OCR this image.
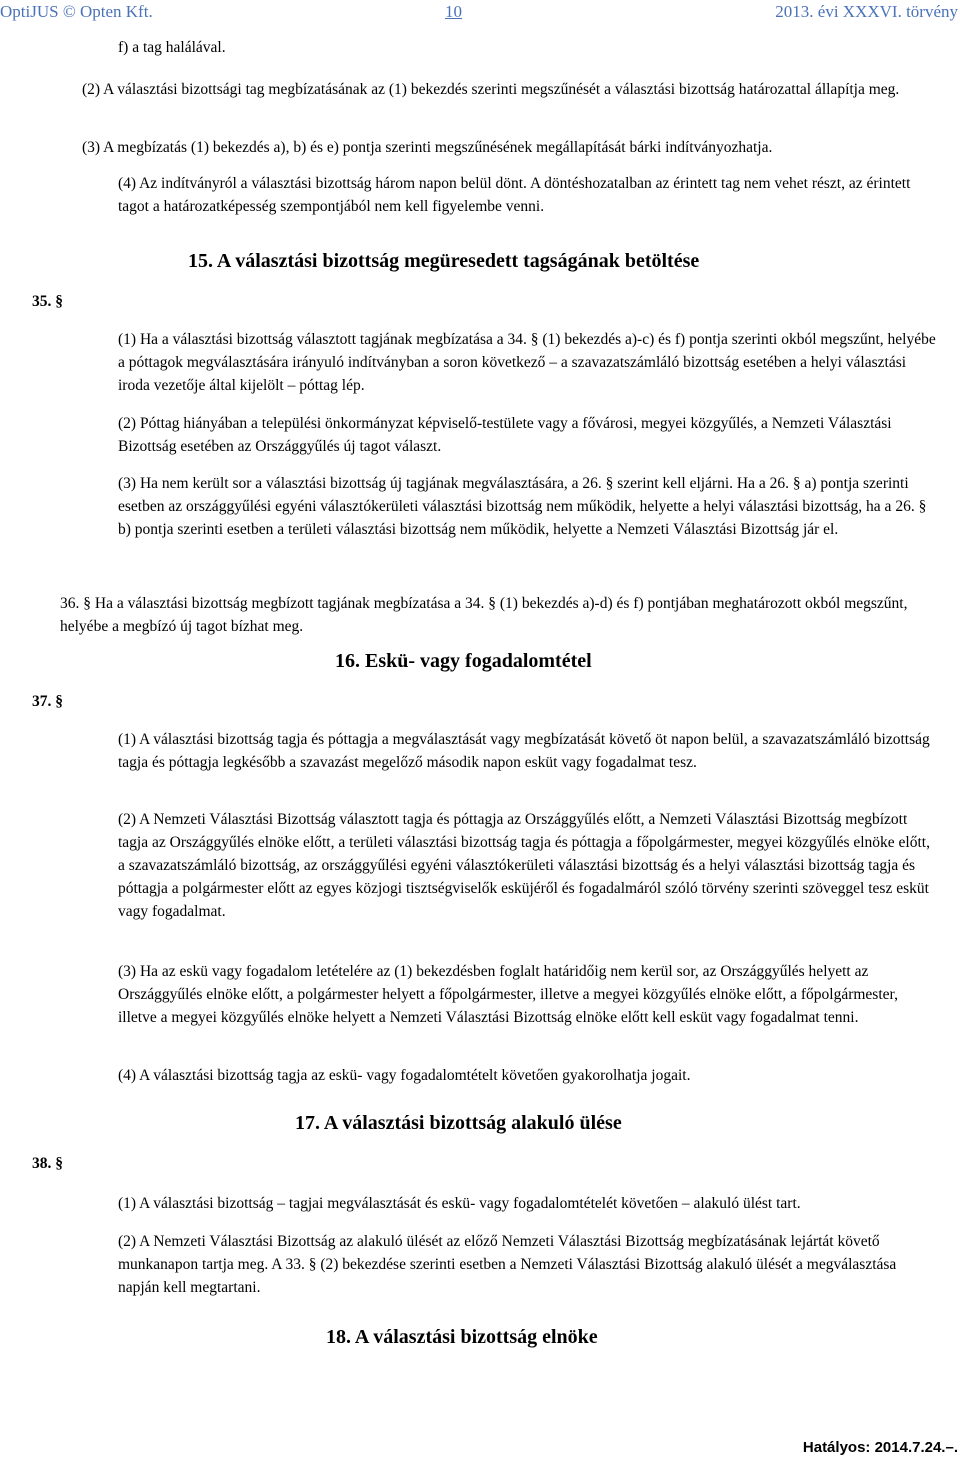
OptiJUS © Opten Kft.	10	2013. évi XXXVI. törvény

f) a tag halálával.

(2) A választási bizottsági tag megbízatásának az (1) bekezdés szerinti megszűnését a választási bizottság határozattal állapítja meg.

(3) A megbízatás (1) bekezdés a), b) és e) pontja szerinti megszűnésének megállapítását bárki indítványozhatja.

(4) Az indítványról a választási bizottság három napon belül dönt. A döntéshozatalban az érintett tag nem vehet részt, az érintett tagot a határozatképesség szempontjából nem kell figyelembe venni.

15. A választási bizottság megüresedett tagságának betöltése
35. §

(1) Ha a választási bizottság választott tagjának megbízatása a 34. § (1) bekezdés a)-c) és f) pontja szerinti okból megszűnt, helyébe a póttagok megválasztására irányuló indítványban a soron következő – a szavazatszámláló bizottság esetében a helyi választási iroda vezetője által kijelölt – póttag lép.

(2) Póttag hiányában a települési önkormányzat képviselő-testülete vagy a fővárosi, megyei közgyűlés, a Nemzeti Választási Bizottság esetében az Országgyűlés új tagot választ.

(3) Ha nem került sor a választási bizottság új tagjának megválasztására, a 26. § szerint kell eljárni. Ha a 26. § a) pontja szerinti esetben az országgyűlési egyéni választókerületi választási bizottság nem működik, helyette a helyi választási bizottság, ha a 26. § b) pontja szerinti esetben a területi választási bizottság nem működik, helyette a Nemzeti Választási Bizottság jár el.

36. § Ha a választási bizottság megbízott tagjának megbízatása a 34. § (1) bekezdés a)-d) és f) pontjában meghatározott okból megszűnt, helyébe a megbízó új tagot bízhat meg.

16. Eskü- vagy fogadalomtétel
37. §

(1) A választási bizottság tagja és póttagja a megválasztását vagy megbízatását követő öt napon belül, a szavazatszámláló bizottság tagja és póttagja legkésőbb a szavazást megelőző második napon esküt vagy fogadalmat tesz.

(2) A Nemzeti Választási Bizottság választott tagja és póttagja az Országgyűlés előtt, a Nemzeti Választási Bizottság megbízott tagja az Országgyűlés elnöke előtt, a területi választási bizottság tagja és póttagja a főpolgármester, megyei közgyűlés elnöke előtt, a szavazatszámláló bizottság, az országgyűlési egyéni választókerületi választási bizottság és a helyi választási bizottság tagja és póttagja a polgármester előtt az egyes közjogi tisztségviselők esküjéről és fogadalmáról szóló törvény szerinti szöveggel tesz esküt vagy fogadalmat.

(3) Ha az eskü vagy fogadalom letételére az (1) bekezdésben foglalt határidőig nem kerül sor, az Országgyűlés helyett az Országgyűlés elnöke előtt, a polgármester helyett a főpolgármester, illetve a megyei közgyűlés elnöke előtt, a főpolgármester, illetve a megyei közgyűlés elnöke helyett a Nemzeti Választási Bizottság elnöke előtt kell esküt vagy fogadalmat tenni.

(4) A választási bizottság tagja az eskü- vagy fogadalomtételt követően gyakorolhatja jogait.

17. A választási bizottság alakuló ülése
38. §

(1) A választási bizottság – tagjai megválasztását és eskü- vagy fogadalomtételét követően – alakuló ülést tart.

(2) A Nemzeti Választási Bizottság az alakuló ülését az előző Nemzeti Választási Bizottság megbízatásának lejártát követő munkanapon tartja meg. A 33. § (2) bekezdése szerinti esetben a Nemzeti Választási Bizottság alakuló ülését a megválasztása napján kell megtartani.

18. A választási bizottság elnöke
Hatályos: 2014.7.24.–.
